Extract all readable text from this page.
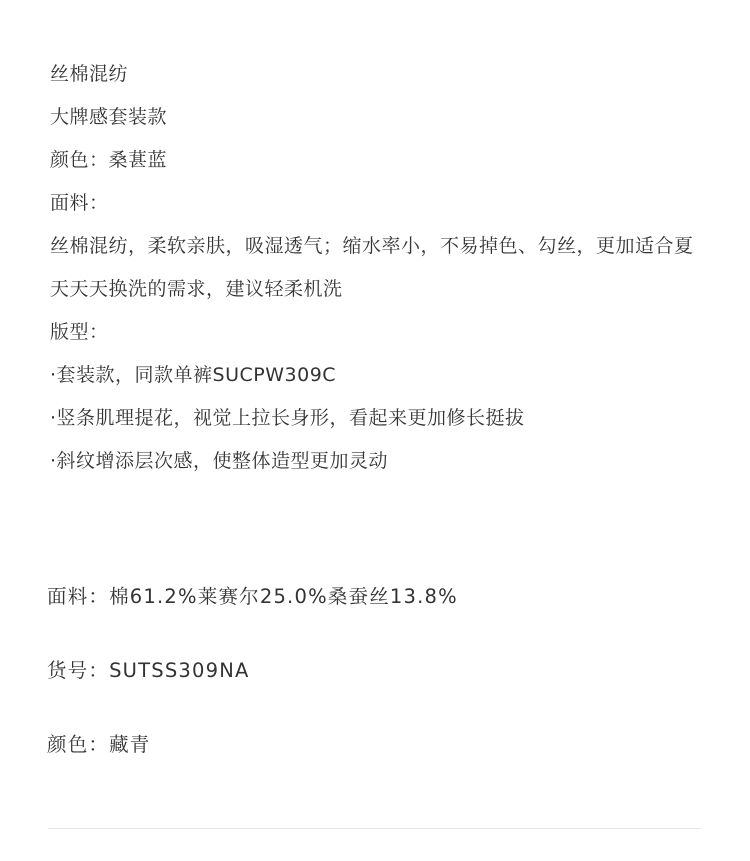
丝棉混纺

大牌感套装款

颜色：桑葚蓝

面料：

丝棉混纺，柔软亲肤，吸湿透气；缩水率小，不易掉色、勾丝，更加适合夏天天天换洗的需求，建议轻柔机洗

版型：

·套装款，同款单裤SUCPW309C

·竖条肌理提花，视觉上拉长身形，看起来更加修长挺拔

·斜纹增添层次感，使整体造型更加灵动

面料：棉61.2%莱赛尔25.0%桑蚕丝13.8%

货号：SUTSS309NA

颜色：藏青
